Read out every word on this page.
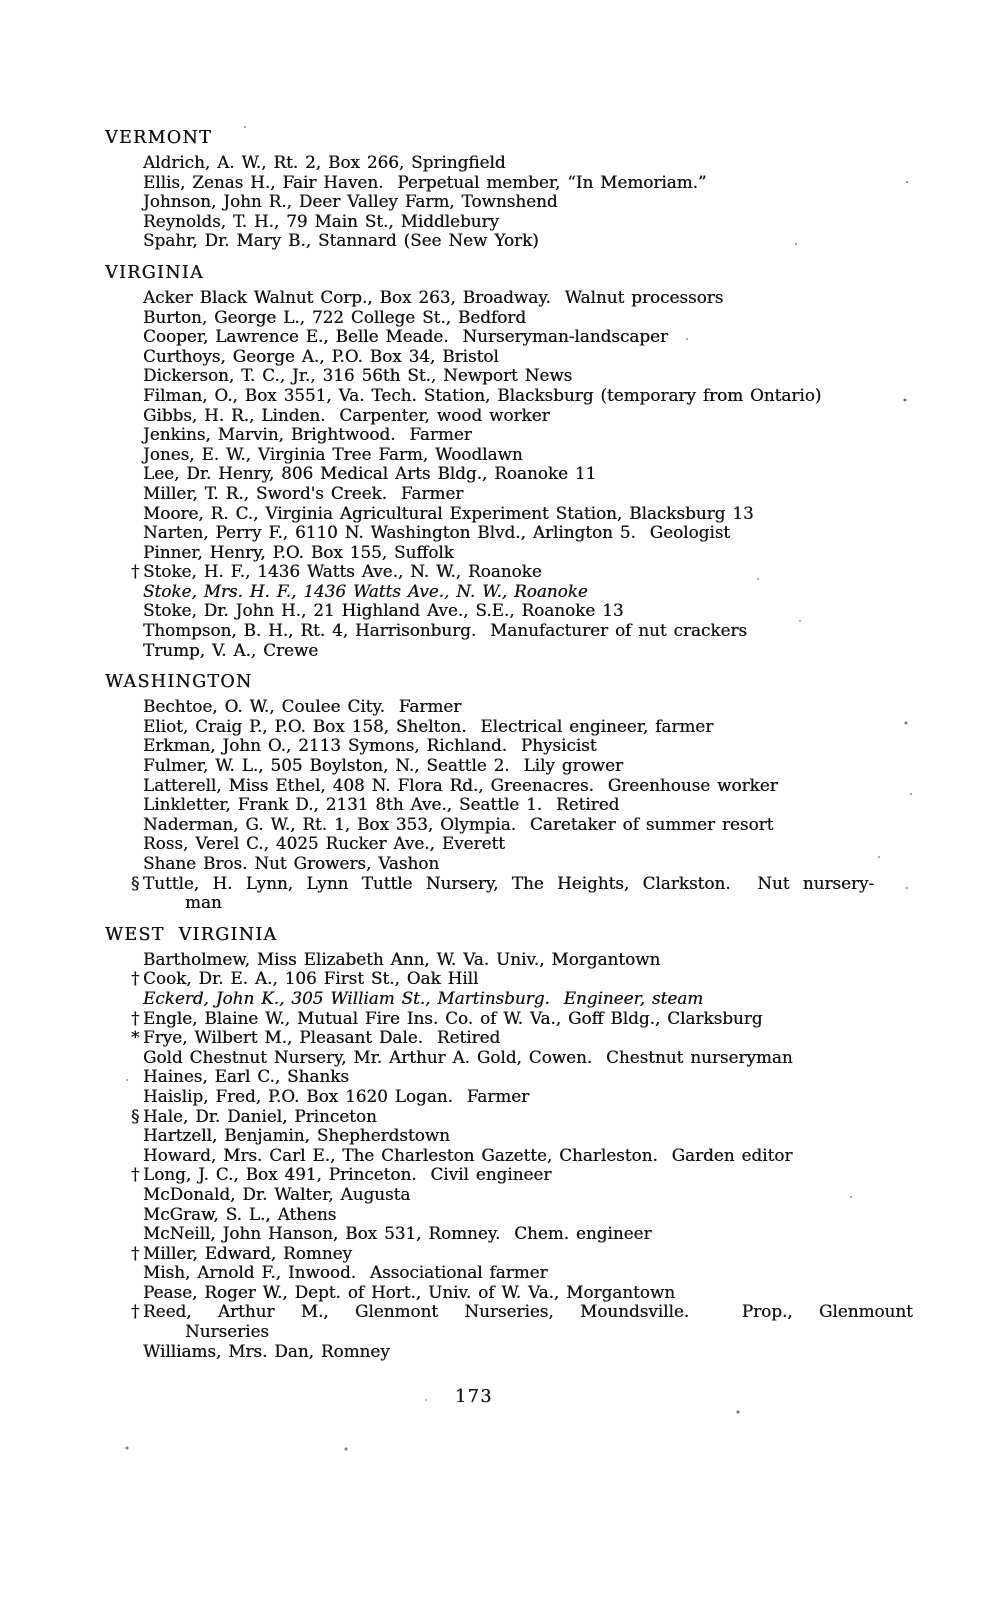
VERMONT

Aldrich, A. W., Rt. 2, Box 266, Springfield

Ellis, Zenas H., Fair Haven.  Perpetual member, “In Memoriam.”

Johnson, John R., Deer Valley Farm, Townshend

Reynolds, T. H., 79 Main St., Middlebury

Spahr, Dr. Mary B., Stannard (See New York)

VIRGINIA

Acker Black Walnut Corp., Box 263, Broadway.  Walnut processors

Burton, George L., 722 College St., Bedford

Cooper, Lawrence E., Belle Meade.  Nurseryman-landscaper

Curthoys, George A., P.O. Box 34, Bristol

Dickerson, T. C., Jr., 316 56th St., Newport News

Filman, O., Box 3551, Va. Tech. Station, Blacksburg (temporary from Ontario)

Gibbs, H. R., Linden.  Carpenter, wood worker

Jenkins, Marvin, Brightwood.  Farmer

Jones, E. W., Virginia Tree Farm, Woodlawn

Lee, Dr. Henry, 806 Medical Arts Bldg., Roanoke 11

Miller, T. R., Sword's Creek.  Farmer

Moore, R. C., Virginia Agricultural Experiment Station, Blacksburg 13

Narten, Perry F., 6110 N. Washington Blvd., Arlington 5.  Geologist

Pinner, Henry, P.O. Box 155, Suffolk

† Stoke, H. F., 1436 Watts Ave., N. W., Roanoke

Stoke, Mrs. H. F., 1436 Watts Ave., N. W., Roanoke

Stoke, Dr. John H., 21 Highland Ave., S.E., Roanoke 13

Thompson, B. H., Rt. 4, Harrisonburg.  Manufacturer of nut crackers

Trump, V. A., Crewe

WASHINGTON

Bechtoe, O. W., Coulee City.  Farmer

Eliot, Craig P., P.O. Box 158, Shelton.  Electrical engineer, farmer

Erkman, John O., 2113 Symons, Richland.  Physicist

Fulmer, W. L., 505 Boylston, N., Seattle 2.  Lily grower

Latterell, Miss Ethel, 408 N. Flora Rd., Greenacres.  Greenhouse worker

Linkletter, Frank D., 2131 8th Ave., Seattle 1.  Retired

Naderman, G. W., Rt. 1, Box 353, Olympia.  Caretaker of summer resort

Ross, Verel C., 4025 Rucker Ave., Everett

Shane Bros. Nut Growers, Vashon

§ Tuttle, H. Lynn, Lynn Tuttle Nursery, The Heights, Clarkston.  Nut nursery-
man

WEST VIRGINIA

Bartholmew, Miss Elizabeth Ann, W. Va. Univ., Morgantown

† Cook, Dr. E. A., 106 First St., Oak Hill

Eckerd, John K., 305 William St., Martinsburg.  Engineer, steam

† Engle, Blaine W., Mutual Fire Ins. Co. of W. Va., Goff Bldg., Clarksburg

* Frye, Wilbert M., Pleasant Dale.  Retired

Gold Chestnut Nursery, Mr. Arthur A. Gold, Cowen.  Chestnut nurseryman

Haines, Earl C., Shanks

Haislip, Fred, P.O. Box 1620 Logan.  Farmer

§ Hale, Dr. Daniel, Princeton

Hartzell, Benjamin, Shepherdstown

Howard, Mrs. Carl E., The Charleston Gazette, Charleston.  Garden editor

† Long, J. C., Box 491, Princeton.  Civil engineer

McDonald, Dr. Walter, Augusta

McGraw, S. L., Athens

McNeill, John Hanson, Box 531, Romney.  Chem. engineer

† Miller, Edward, Romney

Mish, Arnold F., Inwood.  Associational farmer

Pease, Roger W., Dept. of Hort., Univ. of W. Va., Morgantown

† Reed, Arthur M., Glenmont Nurseries, Moundsville.  Prop., Glenmount
Nurseries

Williams, Mrs. Dan, Romney

173
